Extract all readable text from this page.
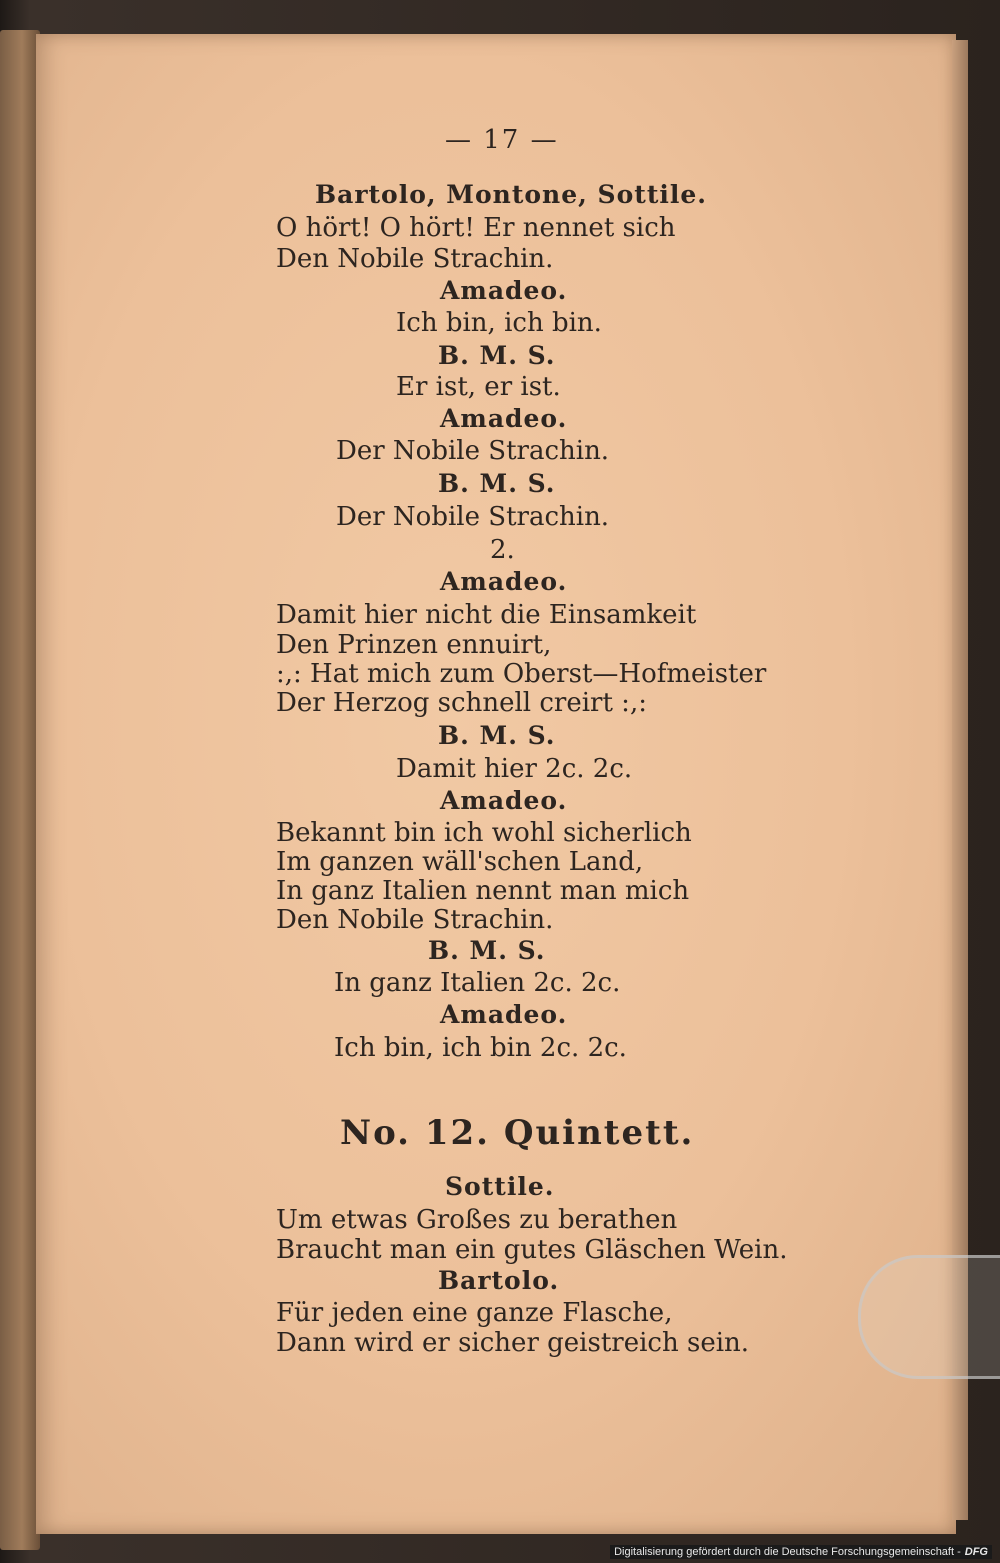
— 17 —
Bartolo, Montone, Sottile.
O hört! O hört! Er nennet sich
Den Nobile Strachin.
Amadeo.
Ich bin, ich bin.
B. M. S.
Er ist, er ist.
Amadeo.
Der Nobile Strachin.
B. M. S.
Der Nobile Strachin.
2.
Amadeo.
Damit hier nicht die Einsamkeit
Den Prinzen ennuirt,
:,: Hat mich zum Oberst—Hofmeister
Der Herzog schnell creirt :,:
B. M. S.
Damit hier 2c. 2c.
Amadeo.
Bekannt bin ich wohl sicherlich
Im ganzen wäll'schen Land,
In ganz Italien nennt man mich
Den Nobile Strachin.
B. M. S.
In ganz Italien 2c. 2c.
Amadeo.
Ich bin, ich bin 2c. 2c.
No. 12. Quintett.
Sottile.
Um etwas Großes zu berathen
Braucht man ein gutes Gläschen Wein.
Bartolo.
Für jeden eine ganze Flasche,
Dann wird er sicher geistreich sein.
Digitalisierung gefördert durch die Deutsche Forschungsgemeinschaft - DFG
